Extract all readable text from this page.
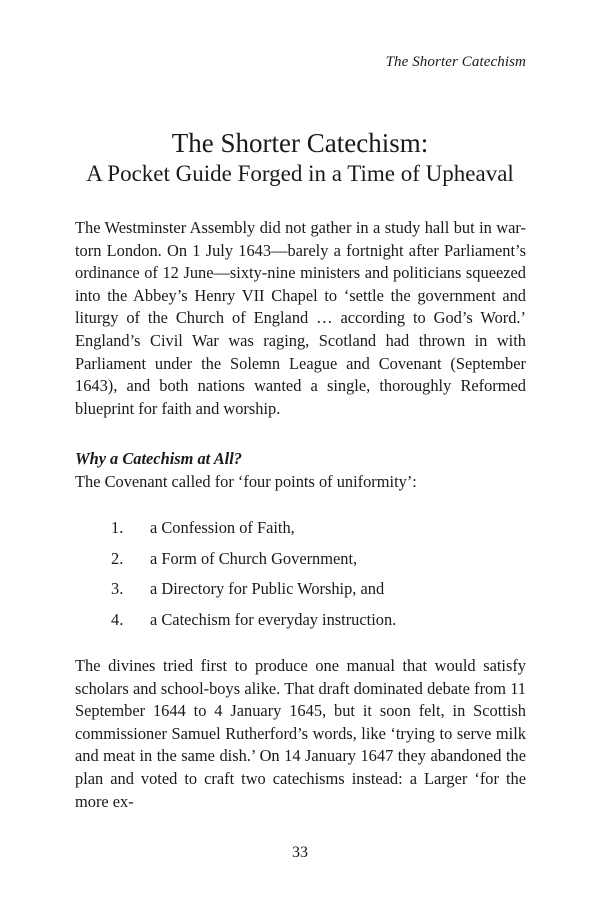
The Shorter Catechism
The Shorter Catechism:
A Pocket Guide Forged in a Time of Upheaval

The Westminster Assembly did not gather in a study hall but in war-torn London. On 1 July 1643—barely a fortnight after Parliament’s ordinance of 12 June—sixty-nine ministers and politicians squeezed into the Abbey’s Henry VII Chapel to ‘settle the government and liturgy of the Church of England … according to God’s Word.’ England’s Civil War was raging, Scotland had thrown in with Parliament under the Solemn League and Covenant (September 1643), and both nations wanted a single, thoroughly Reformed blueprint for faith and worship.

Why a Catechism at All?
The Covenant called for ‘four points of uniformity’:
1. a Confession of Faith,
2. a Form of Church Government,
3. a Directory for Public Worship, and
4. a Catechism for everyday instruction.

The divines tried first to produce one manual that would satisfy scholars and school-boys alike. That draft dominated debate from 11 September 1644 to 4 January 1645, but it soon felt, in Scottish commissioner Samuel Rutherford’s words, like ‘trying to serve milk and meat in the same dish.’ On 14 January 1647 they abandoned the plan and voted to craft two catechisms instead: a Larger ‘for the more ex-

33
